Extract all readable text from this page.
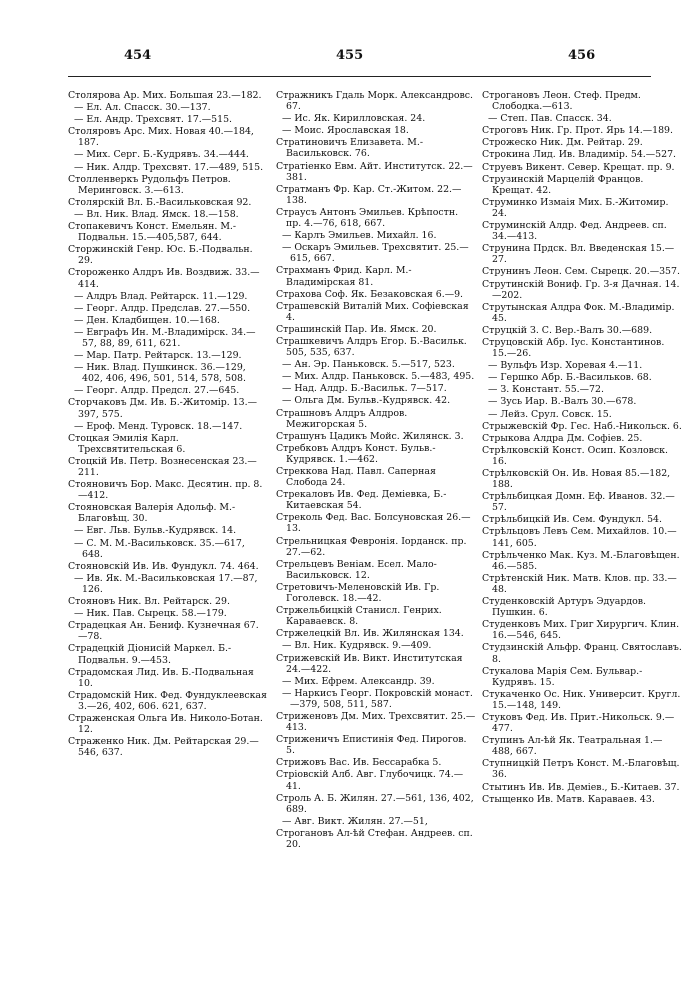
454	455	456
Столярова Ар. Мих. Большая 23.—182.
— Ел. Ал. Спасск. 30.—137.
— Ел. Андр. Трехсвят. 17.—515.
Столяровъ Арс. Мих. Новая 40.—184, 187.
— Мих. Серг. Б.-Кудрявъ. 34.—444.
— Ник. Алдр. Трехсвят. 17.—489, 515.
Столленверкъ Рудольфъ Петров. Меринговск. 3.—613.
Столярскій Вл. Б.-Васильковская 92.
— Вл. Ник. Влад. Ямск. 18.—158.
Стопакевичъ Конст. Емельян. М.-Подвальн. 15.—405,587, 644.
Сторжинскій Генр. Юс. Б.-Подвальн. 29.
Стороженко Алдръ Ив. Воздвиж. 33.—414.
— Алдръ Влад. Рейтарск. 11.—129.
— Георг. Алдр. Предслав. 27.—550.
— Ден. Кладбищен. 10.—168.
— Евграфъ Ин. М.-Владимірск. 34.—57, 88, 89, 611, 621.
— Мар. Патр. Рейтарск. 13.—129.
— Ник. Влад. Пушкинск. 36.—129, 402, 406, 496, 501, 514, 578, 508.
— Георг. Алдр. Предсл. 27.—645.
Сторчаковъ Дм. Ив. Б.-Житомір. 13.—397, 575.
— Ероф. Менд. Туровск. 18.—147.
Стоцкая Эмилія Карл. Трехсвятительская 6.
Стоцкій Ив. Петр. Вознесенская 23.—211.
Стояновичъ Бор. Макс. Десятин. пр. 8.—412.
Стояновская Валерія Адольф. М.-Благовѣщ. 30.
— Евг. Льв. Бульв.-Кудрявск. 14.
— С. М. М.-Васильковск. 35.—617, 648.
Стояновскій Ив. Ив. Фундукл. 74. 464.
— Ив. Як. М.-Васильковская 17.—87, 126.
Стояновъ Ник. Вл. Рейтарск. 29.
— Ник. Пав. Сырецк. 58.—179.
Страдецкая Ан. Бениф. Кузнечная 67.—78.
Страдецкій Діонисій Маркел. Б.-Подвальн. 9.—453.
Страдомская Лид. Ив. Б.-Подвальная 10.
Страдомскій Ник. Фед. Фундуклеевская 3.—26, 402, 606. 621, 637.
Страженская Ольга Ив. Николо-Ботан. 12.
Страженко Ник. Дм. Рейтарская 29.—546, 637.
Стражникъ Гдаль Морк. Александровс. 67.
— Ис. Як. Кирилловская. 24.
— Моис. Ярославская 18.
Стратиновичъ Елизавета. М.-Васильковск. 76.
Стратіенко Евм. Айт. Институтск. 22.—381.
Стратманъ Фр. Кар. Ст.-Житом. 22.—138.
Страусъ Антонъ Эмильев. Крѣпостн. пр. 4.—76, 618, 667.
— Карлъ Эмильев. Михайл. 16.
— Оскаръ Эмильев. Трехсвятит. 25.—615, 667.
Страхманъ Фрид. Карл. М.-Владимірская 81.
Страхова Соф. Як. Безаковская 6.—9.
Страшевскій Виталій Мих. Софіевская 4.
Страшинскій Пар. Ив. Ямск. 20.
Страшкевичъ Алдръ Егор. Б.-Васильк. 505, 535, 637.
— Ан. Эр. Паньковск. 5.—517, 523.
— Мих. Алдр. Паньковск. 5.—483, 495.
— Над. Алдр. Б.-Васильк. 7—517.
— Ольга Дм. Бульв.-Кудрявск. 42.
Страшновъ Алдръ Алдров. Межигорская 5.
Страшунъ Цадикъ Мойс. Жилянск. 3.
Стребковъ Алдръ Конст. Бульв.-Кудрявск. 1.—462.
Стреккова Над. Павл. Саперная Слобода 24.
Стрекаловъ Ив. Фед. Деміевка, Б.-Китаевская 54.
Стреколь Фед. Вас. Болсуновская 26.—13.
Стрельницкая Февронія. Іорданск. пр. 27.—62.
Стрельцевъ Веніам. Есел. Мало-Васильковск. 12.
Стретовичъ-Меленовскій Ив. Гр. Гоголевск. 18.—42.
Стржельбицкій Станисл. Генрих. Караваевск. 8.
Стржелецкій Вл. Ив. Жилянская 134.
— Вл. Ник. Кудрявск. 9.—409.
Стрижевскій Ив. Викт. Институтская 24.—422.
— Мих. Ефрем. Александр. 39.
— Наркисъ Георг. Покровскій монаст.—379, 508, 511, 587.
Стриженовъ Дм. Мих. Трехсвятит. 25.—413.
Стриженичъ Епистинія Фед. Пирогов. 5.
Стрижовъ Вас. Ив. Бессарабка 5.
Стріовскій Алб. Авг. Глубочицк. 74.—41.
Строль А. Б. Жилян. 27.—561, 136, 402, 689.
— Авг. Викт. Жилян. 27.—51,
Строгановъ Ал-ѣй Стефан. Андреев. сп. 20.
Строгановъ Леон. Стеф. Предм. Слободка.—613.
— Степ. Пав. Спасск. 34.
Строговъ Ник. Гр. Прот. Ярь 14.—189.
Строжеско Ник. Дм. Рейтар. 29.
Строкина Лид. Ив. Владимір. 54.—527.
Струевъ Викент. Север. Крещат. пр. 9.
Струзинскій Марцелій Францов. Крещат. 42.
Струминко Измаія Мих. Б.-Житомир. 24.
Струминскій Алдр. Фед. Андреев. сп. 34.—413.
Струнина Прдск. Вл. Введенская 15.—27.
Струнинъ Леон. Сем. Сырецк. 20.—357.
Струтинскій Вониф. Гр. 3-я Дачная. 14.—202.
Струтынская Алдра Фок. М.-Владимір. 45.
Струцкій З. С. Вер.-Валъ 30.—689.
Струцовскій Абр. Іус. Константинов. 15.—26.
— Вульфъ Изр. Хоревая 4.—11.
— Гершко Абр. Б.-Васильков. 68.
— З. Констант. 55.—72.
— Зусь Иар. В.-Валъ 30.—678.
— Лейз. Срул. Совск. 15.
Стрыжевскій Фр. Гес. Наб.-Никольск. 6.
Стрыкова Алдра Дм. Софіев. 25.
Стрѣлковскій Конст. Осип. Козловск. 16.
Стрѣлковскій Он. Ив. Новая 85.—182, 188.
Стрѣльбицкая Домн. Еф. Иванов. 32.—57.
Стрѣльбицкій Ив. Сем. Фундукл. 54.
Стрѣльцовъ Левъ Сем. Михайлов. 10.—141, 605.
Стрѣльченко Мак. Куз. М.-Благовѣщен. 46.—585.
Стрѣтенскій Ник. Матв. Клов. пр. 33.—48.
Студенковскій Артуръ Эдуардов. Пушкин. 6.
Студенковъ Мих. Григ Хирургич. Клин. 16.—546, 645.
Студзинскій Альфр. Франц. Святославъ. 8.
Стукалова Марія Сем. Бульвар.-Кудрявъ. 15.
Стукаченко Ос. Ник. Университ. Кругл. 15.—148, 149.
Стуковъ Фед. Ив. Прит.-Никольск. 9.—477.
Ступинъ Ал-ѣй Як. Театральная 1.—488, 667.
Ступницкій Петръ Конст. М.-Благовѣщ. 36.
Стытинъ Ив. Ив. Деміев., Б.-Китаев. 37.
Стыщенко Ив. Матв. Караваев. 43.
